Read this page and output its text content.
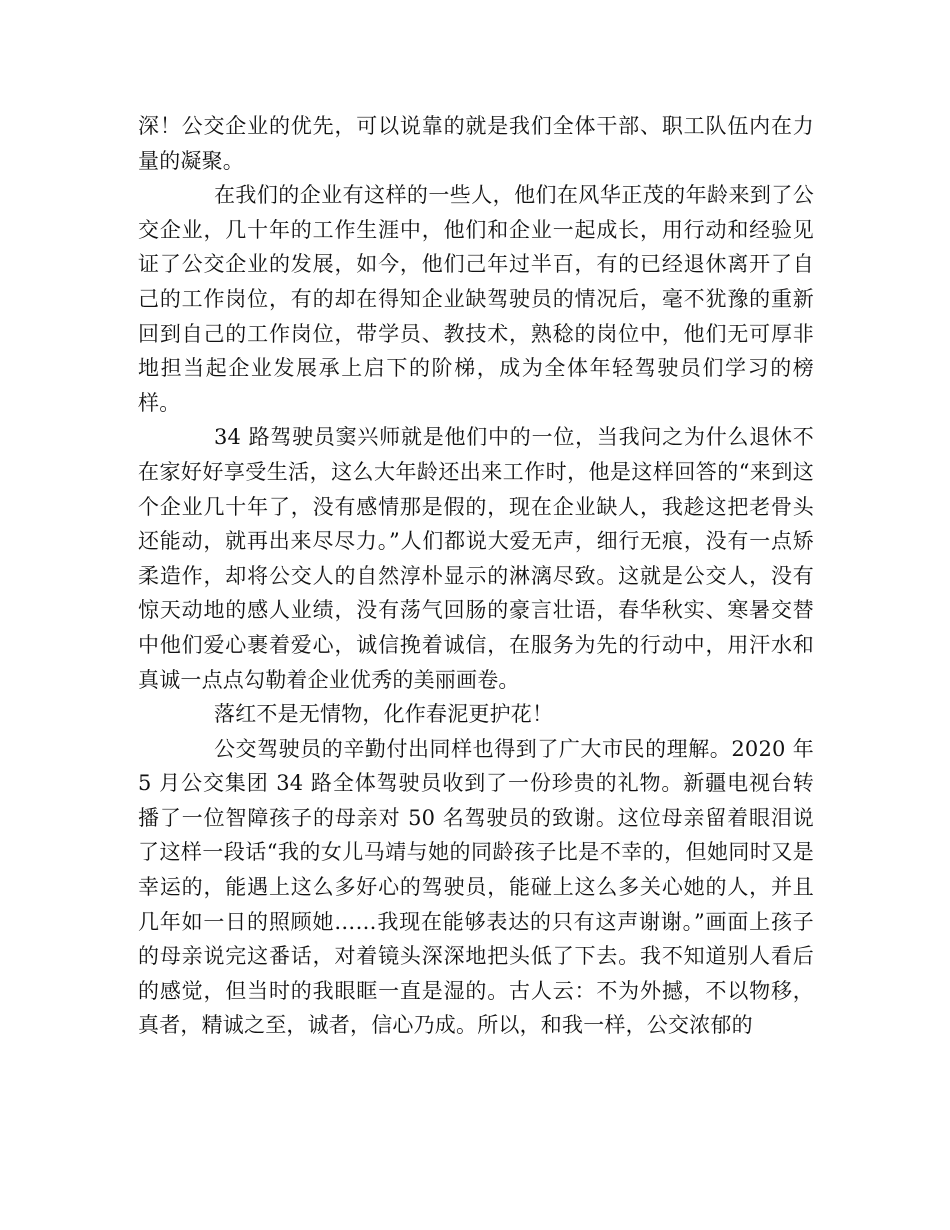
深！公交企业的优先，可以说靠的就是我们全体干部、职工队伍内在力量的凝聚。

在我们的企业有这样的一些人，他们在风华正茂的年龄来到了公交企业，几十年的工作生涯中，他们和企业一起成长，用行动和经验见证了公交企业的发展，如今，他们己年过半百，有的已经退休离开了自己的工作岗位，有的却在得知企业缺驾驶员的情况后，毫不犹豫的重新回到自己的工作岗位，带学员、教技术，熟稔的岗位中，他们无可厚非地担当起企业发展承上启下的阶梯，成为全体年轻驾驶员们学习的榜样。

34 路驾驶员窦兴师就是他们中的一位，当我问之为什么退休不在家好好享受生活，这么大年龄还出来工作时，他是这样回答的“来到这个企业几十年了，没有感情那是假的，现在企业缺人，我趁这把老骨头还能动，就再出来尽尽力。”人们都说大爱无声，细行无痕，没有一点矫柔造作，却将公交人的自然淳朴显示的淋漓尽致。这就是公交人，没有惊天动地的感人业绩，没有荡气回肠的豪言壮语，春华秋实、寒暑交替中他们爱心裹着爱心，诚信挽着诚信，在服务为先的行动中，用汗水和真诚一点点勾勒着企业优秀的美丽画卷。

落红不是无情物，化作春泥更护花！

公交驾驶员的辛勤付出同样也得到了广大市民的理解。2020 年 5 月公交集团 34 路全体驾驶员收到了一份珍贵的礼物。新疆电视台转播了一位智障孩子的母亲对 50 名驾驶员的致谢。这位母亲留着眼泪说了这样一段话“我的女儿马靖与她的同龄孩子比是不幸的，但她同时又是幸运的，能遇上这么多好心的驾驶员，能碰上这么多关心她的人，并且几年如一日的照顾她……我现在能够表达的只有这声谢谢。”画面上孩子的母亲说完这番话，对着镜头深深地把头低了下去。我不知道别人看后的感觉，但当时的我眼眶一直是湿的。古人云：不为外撼，不以物移，真者，精诚之至，诚者，信心乃成。所以，和我一样，公交浓郁的
